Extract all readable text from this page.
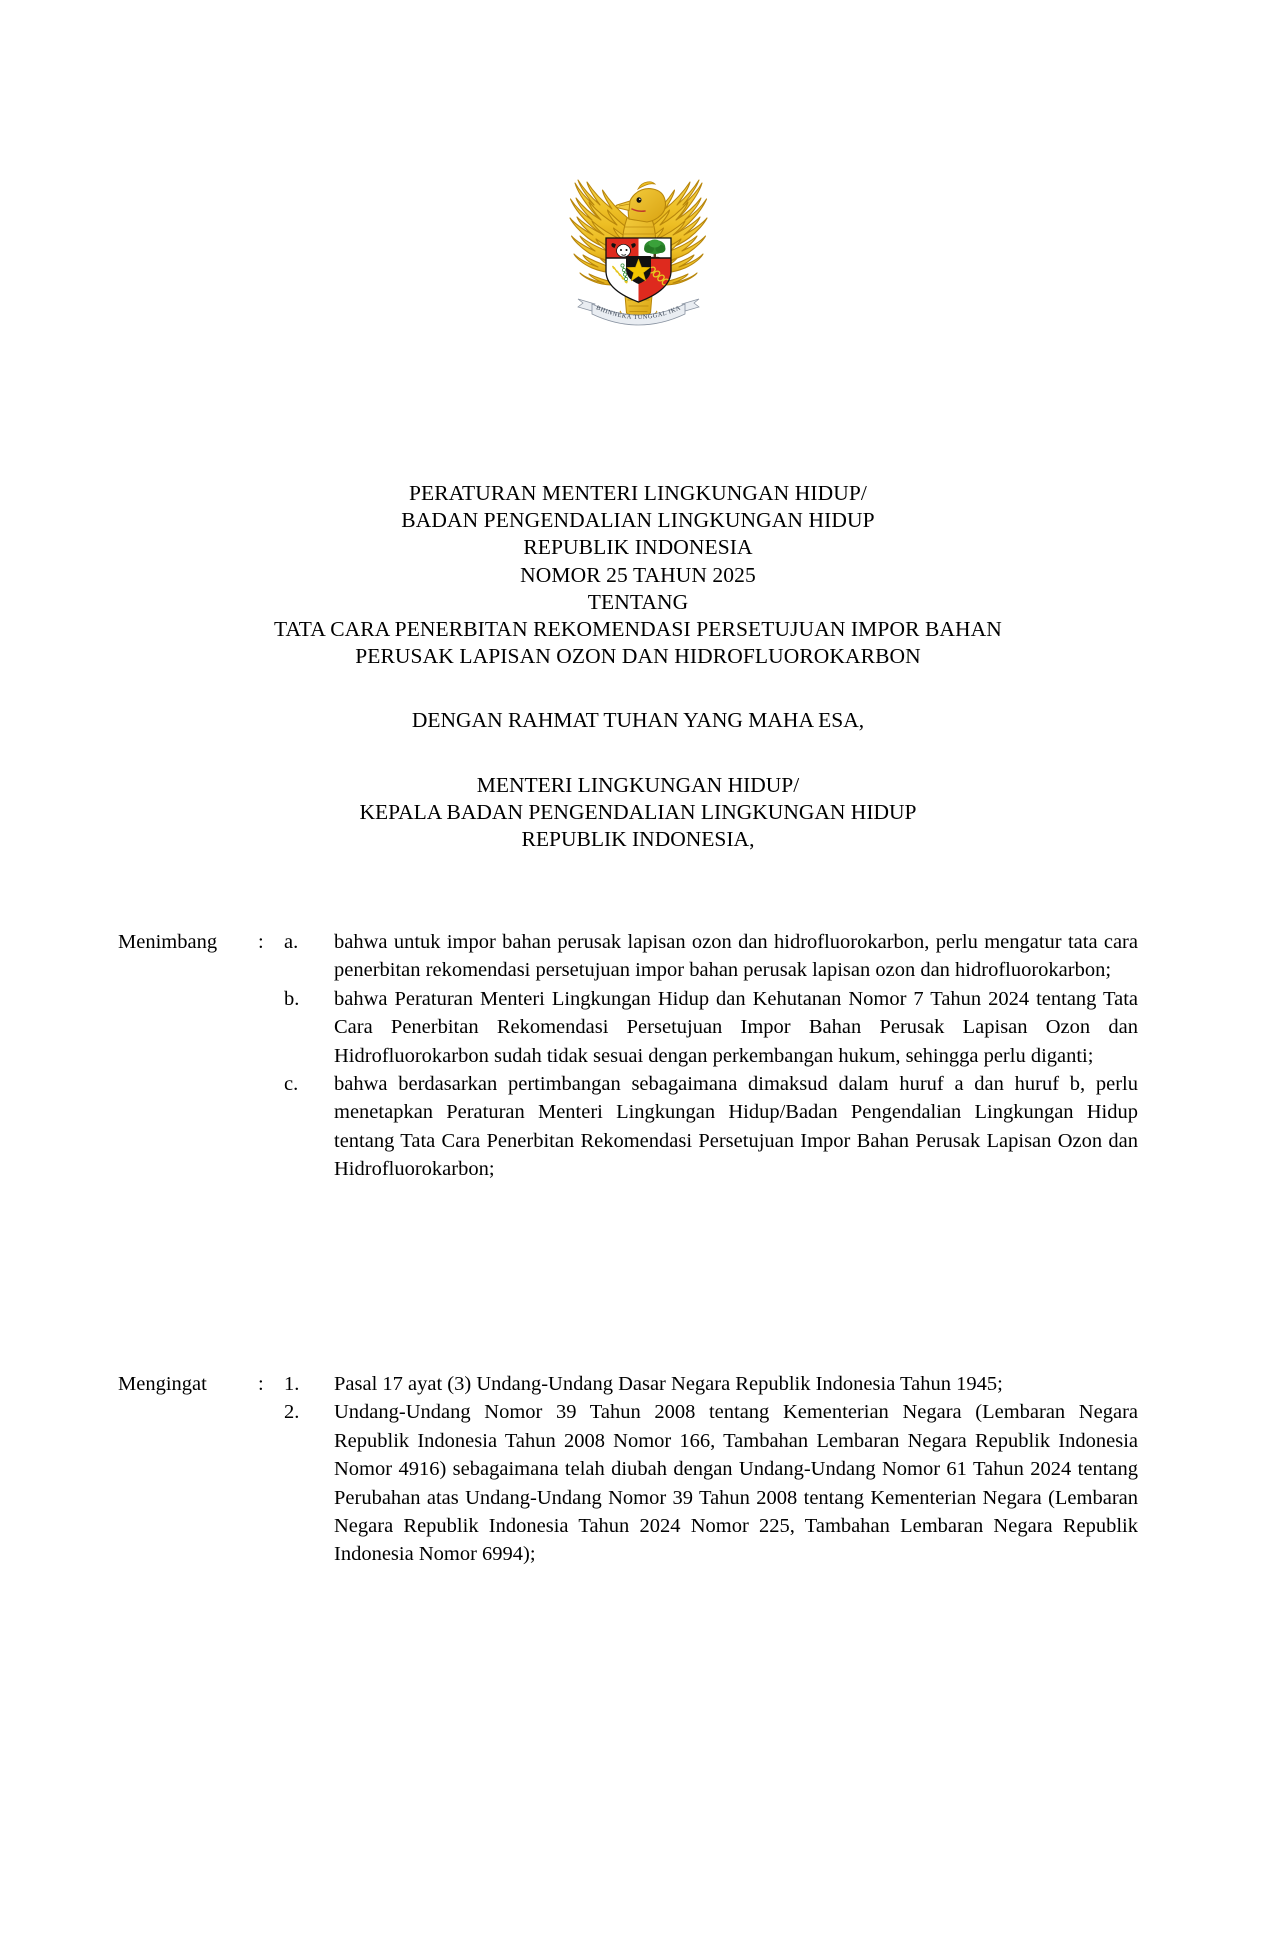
BHINNEKA TUNGGAL IKA
PERATURAN MENTERI LINGKUNGAN HIDUP/
BADAN PENGENDALIAN LINGKUNGAN HIDUP
REPUBLIK INDONESIA
NOMOR 25 TAHUN 2025
TENTANG
TATA CARA PENERBITAN REKOMENDASI PERSETUJUAN IMPOR BAHAN
PERUSAK LAPISAN OZON DAN HIDROFLUOROKARBON
DENGAN RAHMAT TUHAN YANG MAHA ESA,
MENTERI LINGKUNGAN HIDUP/
KEPALA BADAN PENGENDALIAN LINGKUNGAN HIDUP
REPUBLIK INDONESIA,
Menimbang	: a.	bahwa untuk impor bahan perusak lapisan ozon dan hidrofluorokarbon, perlu mengatur tata cara penerbitan rekomendasi persetujuan impor bahan perusak lapisan ozon dan hidrofluorokarbon;
b.	bahwa Peraturan Menteri Lingkungan Hidup dan Kehutanan Nomor 7 Tahun 2024 tentang Tata Cara Penerbitan Rekomendasi Persetujuan Impor Bahan Perusak Lapisan Ozon dan Hidrofluorokarbon sudah tidak sesuai dengan perkembangan hukum, sehingga perlu diganti;
c.	bahwa berdasarkan pertimbangan sebagaimana dimaksud dalam huruf a dan huruf b, perlu menetapkan Peraturan Menteri Lingkungan Hidup/Badan Pengendalian Lingkungan Hidup tentang Tata Cara Penerbitan Rekomendasi Persetujuan Impor Bahan Perusak Lapisan Ozon dan Hidrofluorokarbon;
Mengingat	: 1.	Pasal 17 ayat (3) Undang-Undang Dasar Negara Republik Indonesia Tahun 1945;
2.	Undang-Undang Nomor 39 Tahun 2008 tentang Kementerian Negara (Lembaran Negara Republik Indonesia Tahun 2008 Nomor 166, Tambahan Lembaran Negara Republik Indonesia Nomor 4916) sebagaimana telah diubah dengan Undang-Undang Nomor 61 Tahun 2024 tentang Perubahan atas Undang-Undang Nomor 39 Tahun 2008 tentang Kementerian Negara (Lembaran Negara Republik Indonesia Tahun 2024 Nomor 225, Tambahan Lembaran Negara Republik Indonesia Nomor 6994);
